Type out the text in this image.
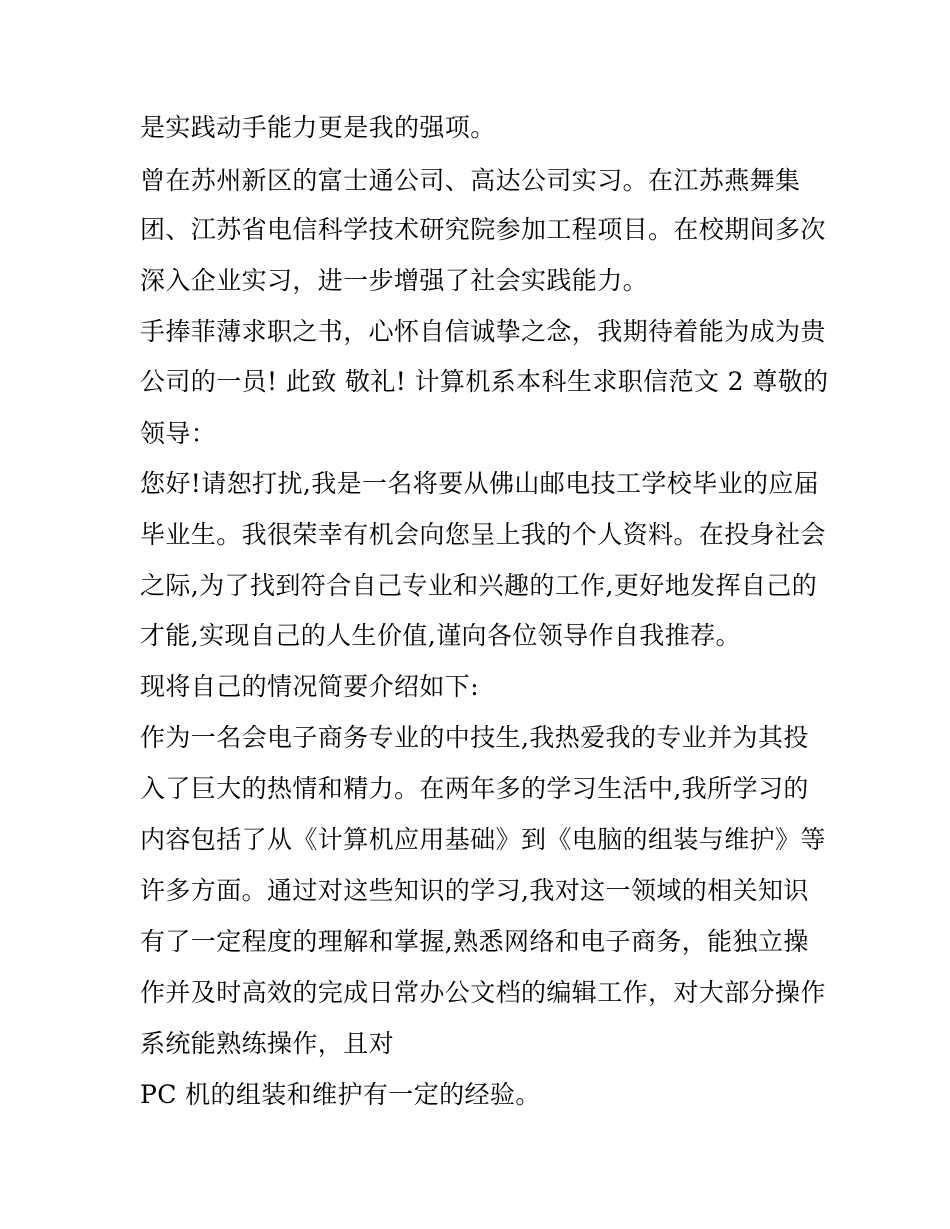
是实践动手能力更是我的强项。
曾在苏州新区的富士通公司、高达公司实习。在江苏燕舞集
团、江苏省电信科学技术研究院参加工程项目。在校期间多次
深入企业实习，进一步增强了社会实践能力。
手捧菲薄求职之书，心怀自信诚挚之念，我期待着能为成为贵
公司的一员! 此致 敬礼! 计算机系本科生求职信范文 2 尊敬的
领导：
您好!请恕打扰,我是一名将要从佛山邮电技工学校毕业的应届
毕业生。我很荣幸有机会向您呈上我的个人资料。在投身社会
之际,为了找到符合自己专业和兴趣的工作,更好地发挥自己的
才能,实现自己的人生价值,谨向各位领导作自我推荐。
现将自己的情况简要介绍如下:
作为一名会电子商务专业的中技生,我热爱我的专业并为其投
入了巨大的热情和精力。在两年多的学习生活中,我所学习的
内容包括了从《计算机应用基础》到《电脑的组装与维护》等
许多方面。通过对这些知识的学习,我对这一领域的相关知识
有了一定程度的理解和掌握,熟悉网络和电子商务，能独立操
作并及时高效的完成日常办公文档的编辑工作，对大部分操作
系统能熟练操作，且对
PC 机的组装和维护有一定的经验。
